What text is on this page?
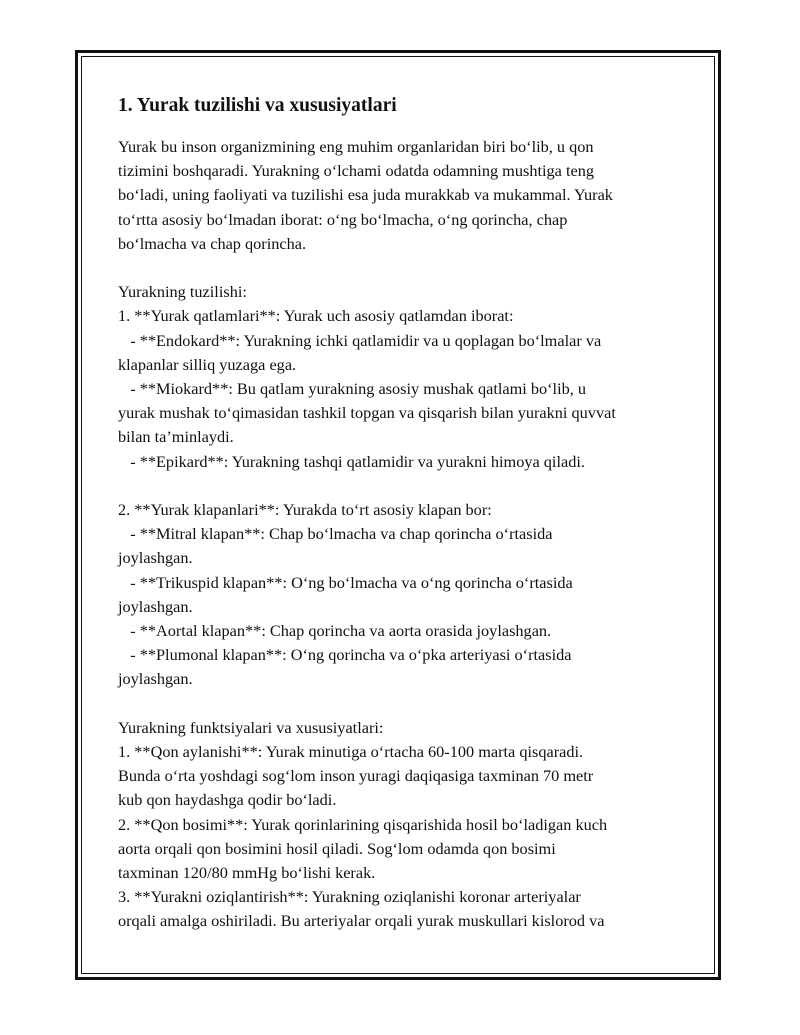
1. Yurak tuzilishi va xususiyatlari
Yurak bu inson organizmining eng muhim organlaridan biri bo‘lib, u qon
tizimini boshqaradi. Yurakning o‘lchami odatda odamning mushtiga teng
bo‘ladi, uning faoliyati va tuzilishi esa juda murakkab va mukammal. Yurak
to‘rtta asosiy bo‘lmadan iborat: o‘ng bo‘lmacha, o‘ng qorincha, chap
bo‘lmacha va chap qorincha.
Yurakning tuzilishi:
1. **Yurak qatlamlari**: Yurak uch asosiy qatlamdan iborat:
- **Endokard**: Yurakning ichki qatlamidir va u qoplagan bo‘lmalar va
klapanlar silliq yuzaga ega.
- **Miokard**: Bu qatlam yurakning asosiy mushak qatlami bo‘lib, u
yurak mushak to‘qimasidan tashkil topgan va qisqarish bilan yurakni quvvat
bilan ta’minlaydi.
- **Epikard**: Yurakning tashqi qatlamidir va yurakni himoya qiladi.
2. **Yurak klapanlari**: Yurakda to‘rt asosiy klapan bor:
- **Mitral klapan**: Chap bo‘lmacha va chap qorincha o‘rtasida
joylashgan.
- **Trikuspid klapan**: O‘ng bo‘lmacha va o‘ng qorincha o‘rtasida
joylashgan.
- **Aortal klapan**: Chap qorincha va aorta orasida joylashgan.
- **Plumonal klapan**: O‘ng qorincha va o‘pka arteriyasi o‘rtasida
joylashgan.
Yurakning funktsiyalari va xususiyatlari:
1. **Qon aylanishi**: Yurak minutiga o‘rtacha 60-100 marta qisqaradi.
Bunda o‘rta yoshdagi sog‘lom inson yuragi daqiqasiga taxminan 70 metr
kub qon haydashga qodir bo‘ladi.
2. **Qon bosimi**: Yurak qorinlarining qisqarishida hosil bo‘ladigan kuch
aorta orqali qon bosimini hosil qiladi. Sog‘lom odamda qon bosimi
taxminan 120/80 mmHg bo‘lishi kerak.
3. **Yurakni oziqlantirish**: Yurakning oziqlanishi koronar arteriyalar
orqali amalga oshiriladi. Bu arteriyalar orqali yurak muskullari kislorod va
